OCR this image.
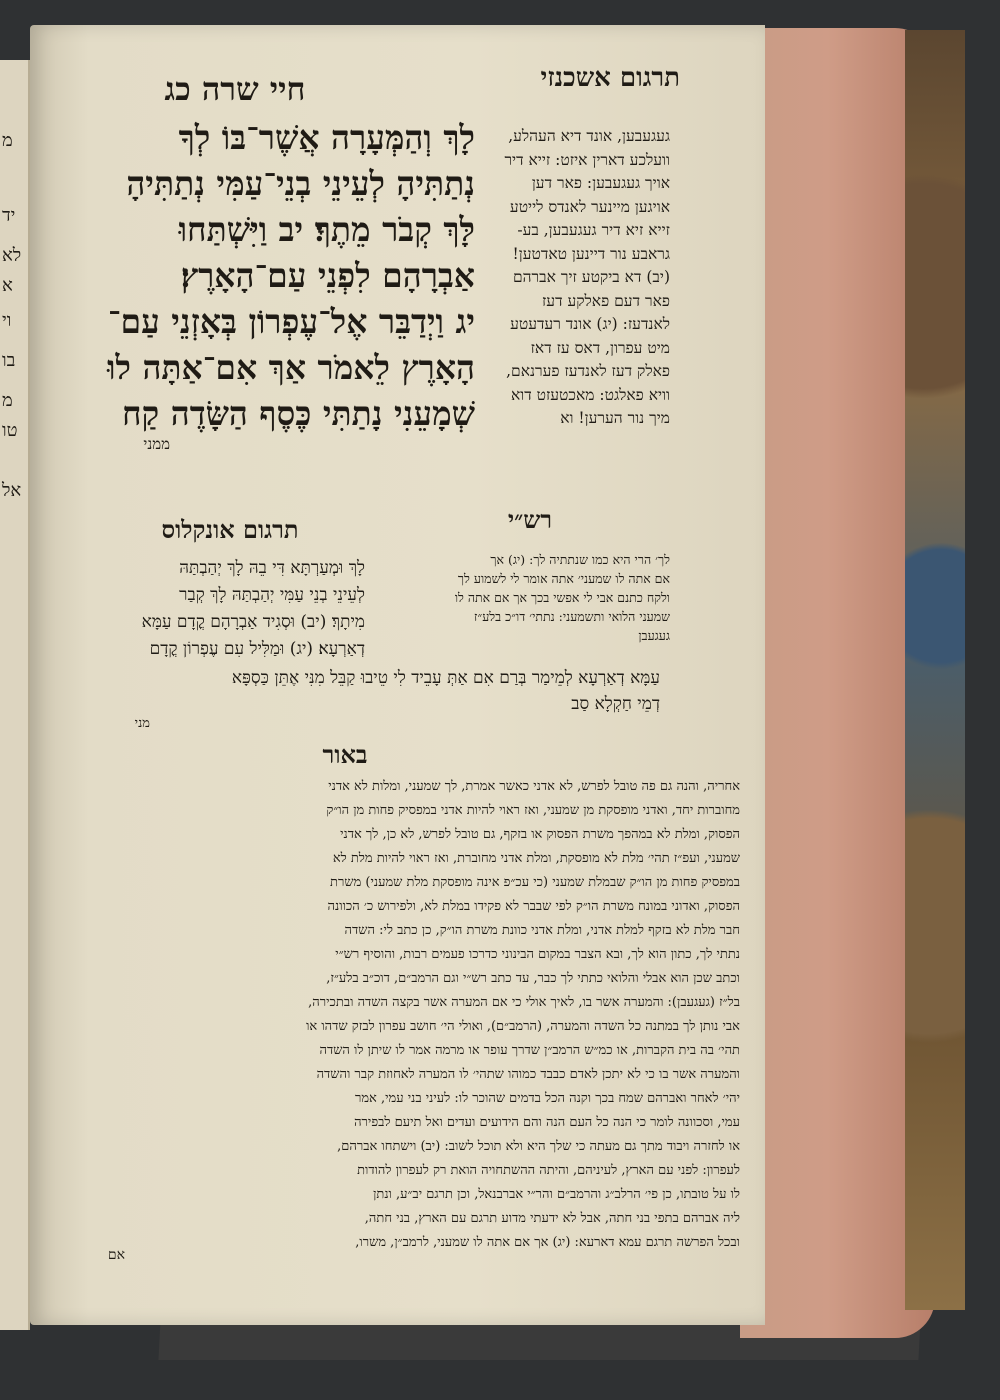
מ
יד
לא
וי
א
בו
מ
טו
אל
תרגום אשכנזי
חיי שרה כג
לָךְ וְהַמְּעָרָה אֲשֶׁר־בּוֹ לְךָ
נְתַתִּיהָ לְעֵינֵי בְנֵי־עַמִּי נְתַתִּיהָ
לָּךְ קְבֹר מֵתֶךָ׃ יב וַיִּשְׁתַּחוּ
אַבְרָהָם לִפְנֵי עַם־הָאָרֶץ׃
יג וַיְדַבֵּר אֶל־עֶפְרוֹן בְּאָזְנֵי עַם־
הָאָרֶץ לֵאמֹר אַךְ אִם־אַתָּה לוּ
שְׁמָעֵנִי נָתַתִּי כֶּסֶף הַשָּׂדֶה קַח
ממני
געגעבען, אונד דיא העהלע,
וועלכע דארין איזט: זייא דיר
אויך געגעבען: פאר דען
אויגען מיינער לאנדס לייטע
זייא זיא דיר געגעבען, בע-
גראבע נור דיינען טאדטען!
(יב) דא ביקטע זיך אברהם
פאר דעם פאלקע דעז
לאנדעז: (יג) אונד רעדעטע
מיט עפרון, דאס עז דאז
פאלק דעז לאנדעז פערנאם,
וויא פאלגט: מאכטעזט דוא
מיך נור הערען! וא
רש״י
תרגום אונקלוס
לָךְ וּמְעַרְתָּא דִּי בֵהּ לָךְ יְהַבְתַּהּ
לְעֵינֵי בְנֵי עַמִּי יְהַבְתַּהּ לָךְ קְבַר
מִיתָךְ׃ (יב) וּסְגִיד אַבְרָהָם קֳדָם עַמָּא
דְאַרְעָא׃ (יג) וּמַלִּיל עִם עֶפְרוֹן קֳדָם
לך׳ הרי היא כמו שנתתיה לך: (יג) אך
אם אתה לו שמעני׳ אתה אומר לי לשמוע לך
ולקח כתנם אבי לי אפשי בכך אך אם אתה לו
שמעני הלואי ותשמעני: נתתי׳ דו״כ בלע״ז
געגעבן
עַמָּא דְאַרְעָא לְמֵימַר בְּרַם אִם אַתְּ עָבֵיד לִי טֵיבוּ קַבֵּל מִנִּי אֶתֵּן כַּסְפָּא
דְמֵי חַקְלָא סַב
מני
באור
אחריה, והנה גם פה טובל לפרש, לא אדני כאשר אמרת, לך שמעני, ומלות לא אדני
מחוברות יחד, ואדני מופסקת מן שמעני, ואז ראוי להיות אדני במפסיק פחות מן הו״ק
הפסוק, ומלת לא במהפך משרת הפסוק או בזקף, גם טובל לפרש, לא כן, לך אדני
שמעני, ועפ״ז תהי׳ מלת לא מופסקת, ומלת אדני מחוברת, ואז ראוי להיות מלת לא
במפסיק פחות מן הו״ק שבמלת שמעני (כי עכ״פ אינה מופסקת מלת שמעני) משרת
הפסוק, ואדוני במונח משרת הו״ק לפי שבבר לא פקידו במלת לא, ולפירוש כ׳ הכוונה
חבר מלת לא בזקף למלת אדני, ומלת אדני כוונת משרת הו״ק, כן כתב לי: השדה
נתתי לך, כתון הוא לך, ובא הצבר במקום הבינוני כדרכו פעמים רבות, והוסיף רש״י
וכתב שכן הוא אבלי והלואי כתתי לך כבר, עד כתב רש״י וגם הרמב״ם, דוכ״ב בלע״ז,
בל״ז (געגעבן): והמערה אשר בו, לאיך אולי כי אם המערה אשר בקצה השדה ובתכירה,
אבי נותן לך במתנה כל השדה והמערה, (הרמב״ם), ואולי הי׳ חושב עפרון לבזק שדהו או
תהי׳ בה בית הקברות, או כמ״ש הרמב״ן שדרך עופר או מרמה אמר לו שיתן לו השדה
והמערה אשר בו כי לא יתכן לאדם כבבד כמוהו שתהי׳ לו המערה לאחוזת קבר והשדה
יהי׳ לאחר ואברהם שמח בכך וקנה הכל בדמים שהוכר לו: לעיני בני עמי, אמר
עמי, וסכוונה לומר כי הנה כל העם הנה והם הידועים ועדים ואל תיעם לבפירה
או לחזרה ויבוד מתך גם מעתה כי שלך היא ולא תוכל לשוב: (יב) וישתחו אברהם,
לעפרון: לפני עם הארץ, לעיניהם, והיתה ההשתחויה הואת רק לעפרון להודות
לו על טובתו, כן פי׳ הרלב״ג והרמב״ם והר״י אברבנאל, וכן תרגם יב״ע, ונתן
ליה אברהם בתפי בני חתה, אבל לא ידעתי מדוע תרגם עם הארץ, בני חתה,
ובכל הפרשה תרגם עמא דארעא: (יג) אך אם אתה לו שמעני, לרמב״ן, משרו,
אם
